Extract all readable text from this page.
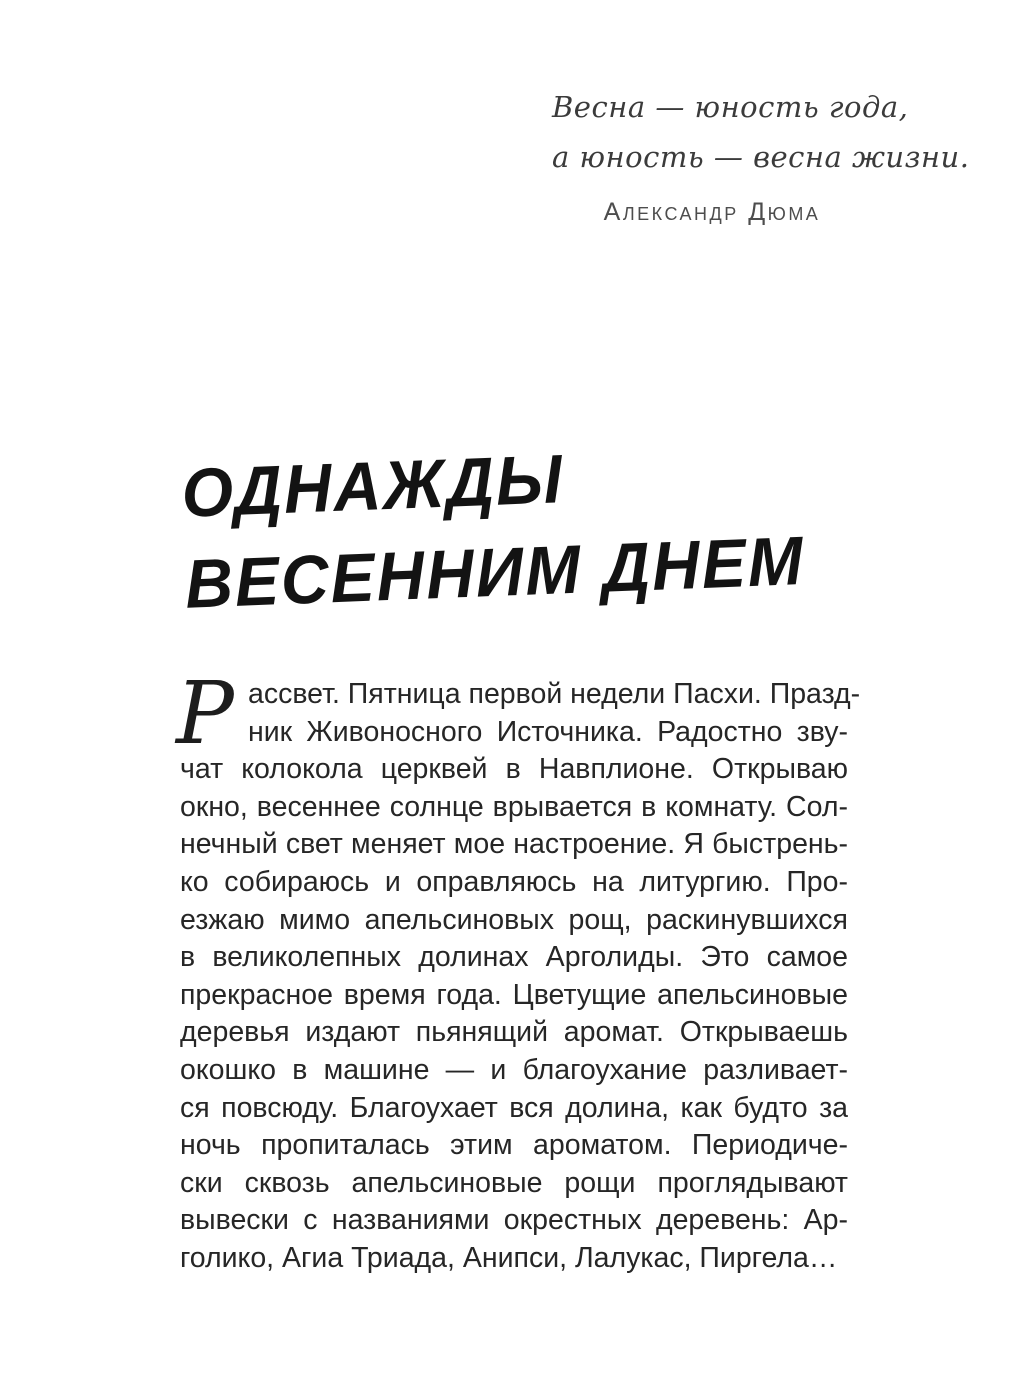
Весна — юность года,
а юность — весна жизни.
Александр Дюма
ОДНАЖДЫ
ВЕСЕННИМ ДНЕМ
Р ассвет. Пятница первой недели Пасхи. Празд-
ник Живоносного Источника. Радостно зву-
чат колокола церквей в Навплионе. Открываю
окно, весеннее солнце врывается в комнату. Сол-
нечный свет меняет мое настроение. Я быстрень-
ко собираюсь и оправляюсь на литургию. Про-
езжаю мимо апельсиновых рощ, раскинувшихся
в великолепных долинах Арголиды. Это самое
прекрасное время года. Цветущие апельсиновые
деревья издают пьянящий аромат. Открываешь
окошко в машине — и благоухание разливает-
ся повсюду. Благоухает вся долина, как будто за
ночь пропиталась этим ароматом. Периодиче-
ски сквозь апельсиновые рощи проглядывают
вывески с названиями окрестных деревень: Ар-
голико, Агиа Триада, Анипси, Лалукас, Пиргела…
